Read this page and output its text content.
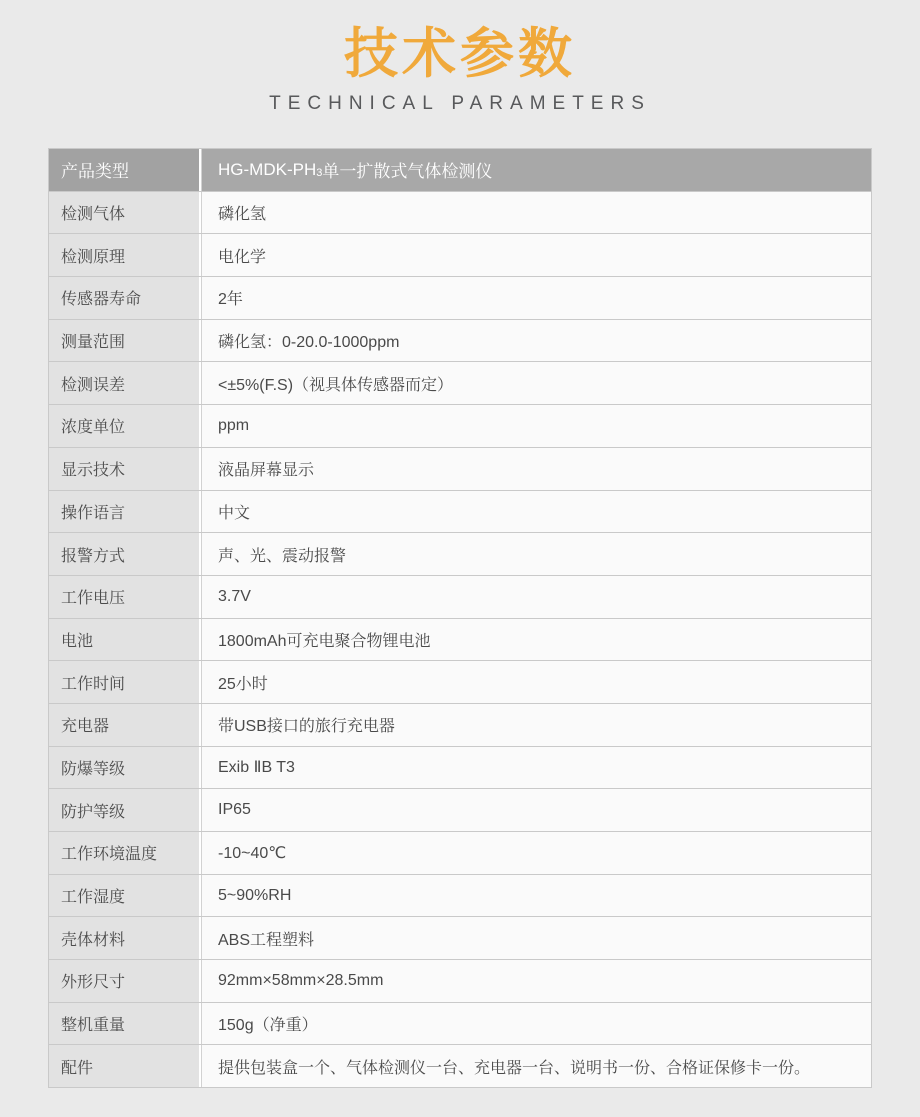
技术参数
TECHNICAL PARAMETERS
产品类型	HG-MDK-PH 3 单一扩散式气体检测仪
检测气体	磷化氢
检测原理	电化学
传感器寿命	2年
测量范围	磷化氢：0-20.0-1000ppm
检测误差	<±5%(F.S)（视具体传感器而定）
浓度单位	ppm
显示技术	液晶屏幕显示
操作语言	中文
报警方式	声、光、震动报警
工作电压	3.7V
电池	1800mAh可充电聚合物锂电池
工作时间	25小时
充电器	带USB接口的旅行充电器
防爆等级	Exib ⅡB T3
防护等级	IP65
工作环境温度	-10~40℃
工作湿度	5~90%RH
壳体材料	ABS工程塑料
外形尺寸	92mm×58mm×28.5mm
整机重量	150g（净重）
配件	提供包装盒一个、气体检测仪一台、充电器一台、说明书一份、合格证保修卡一份。
